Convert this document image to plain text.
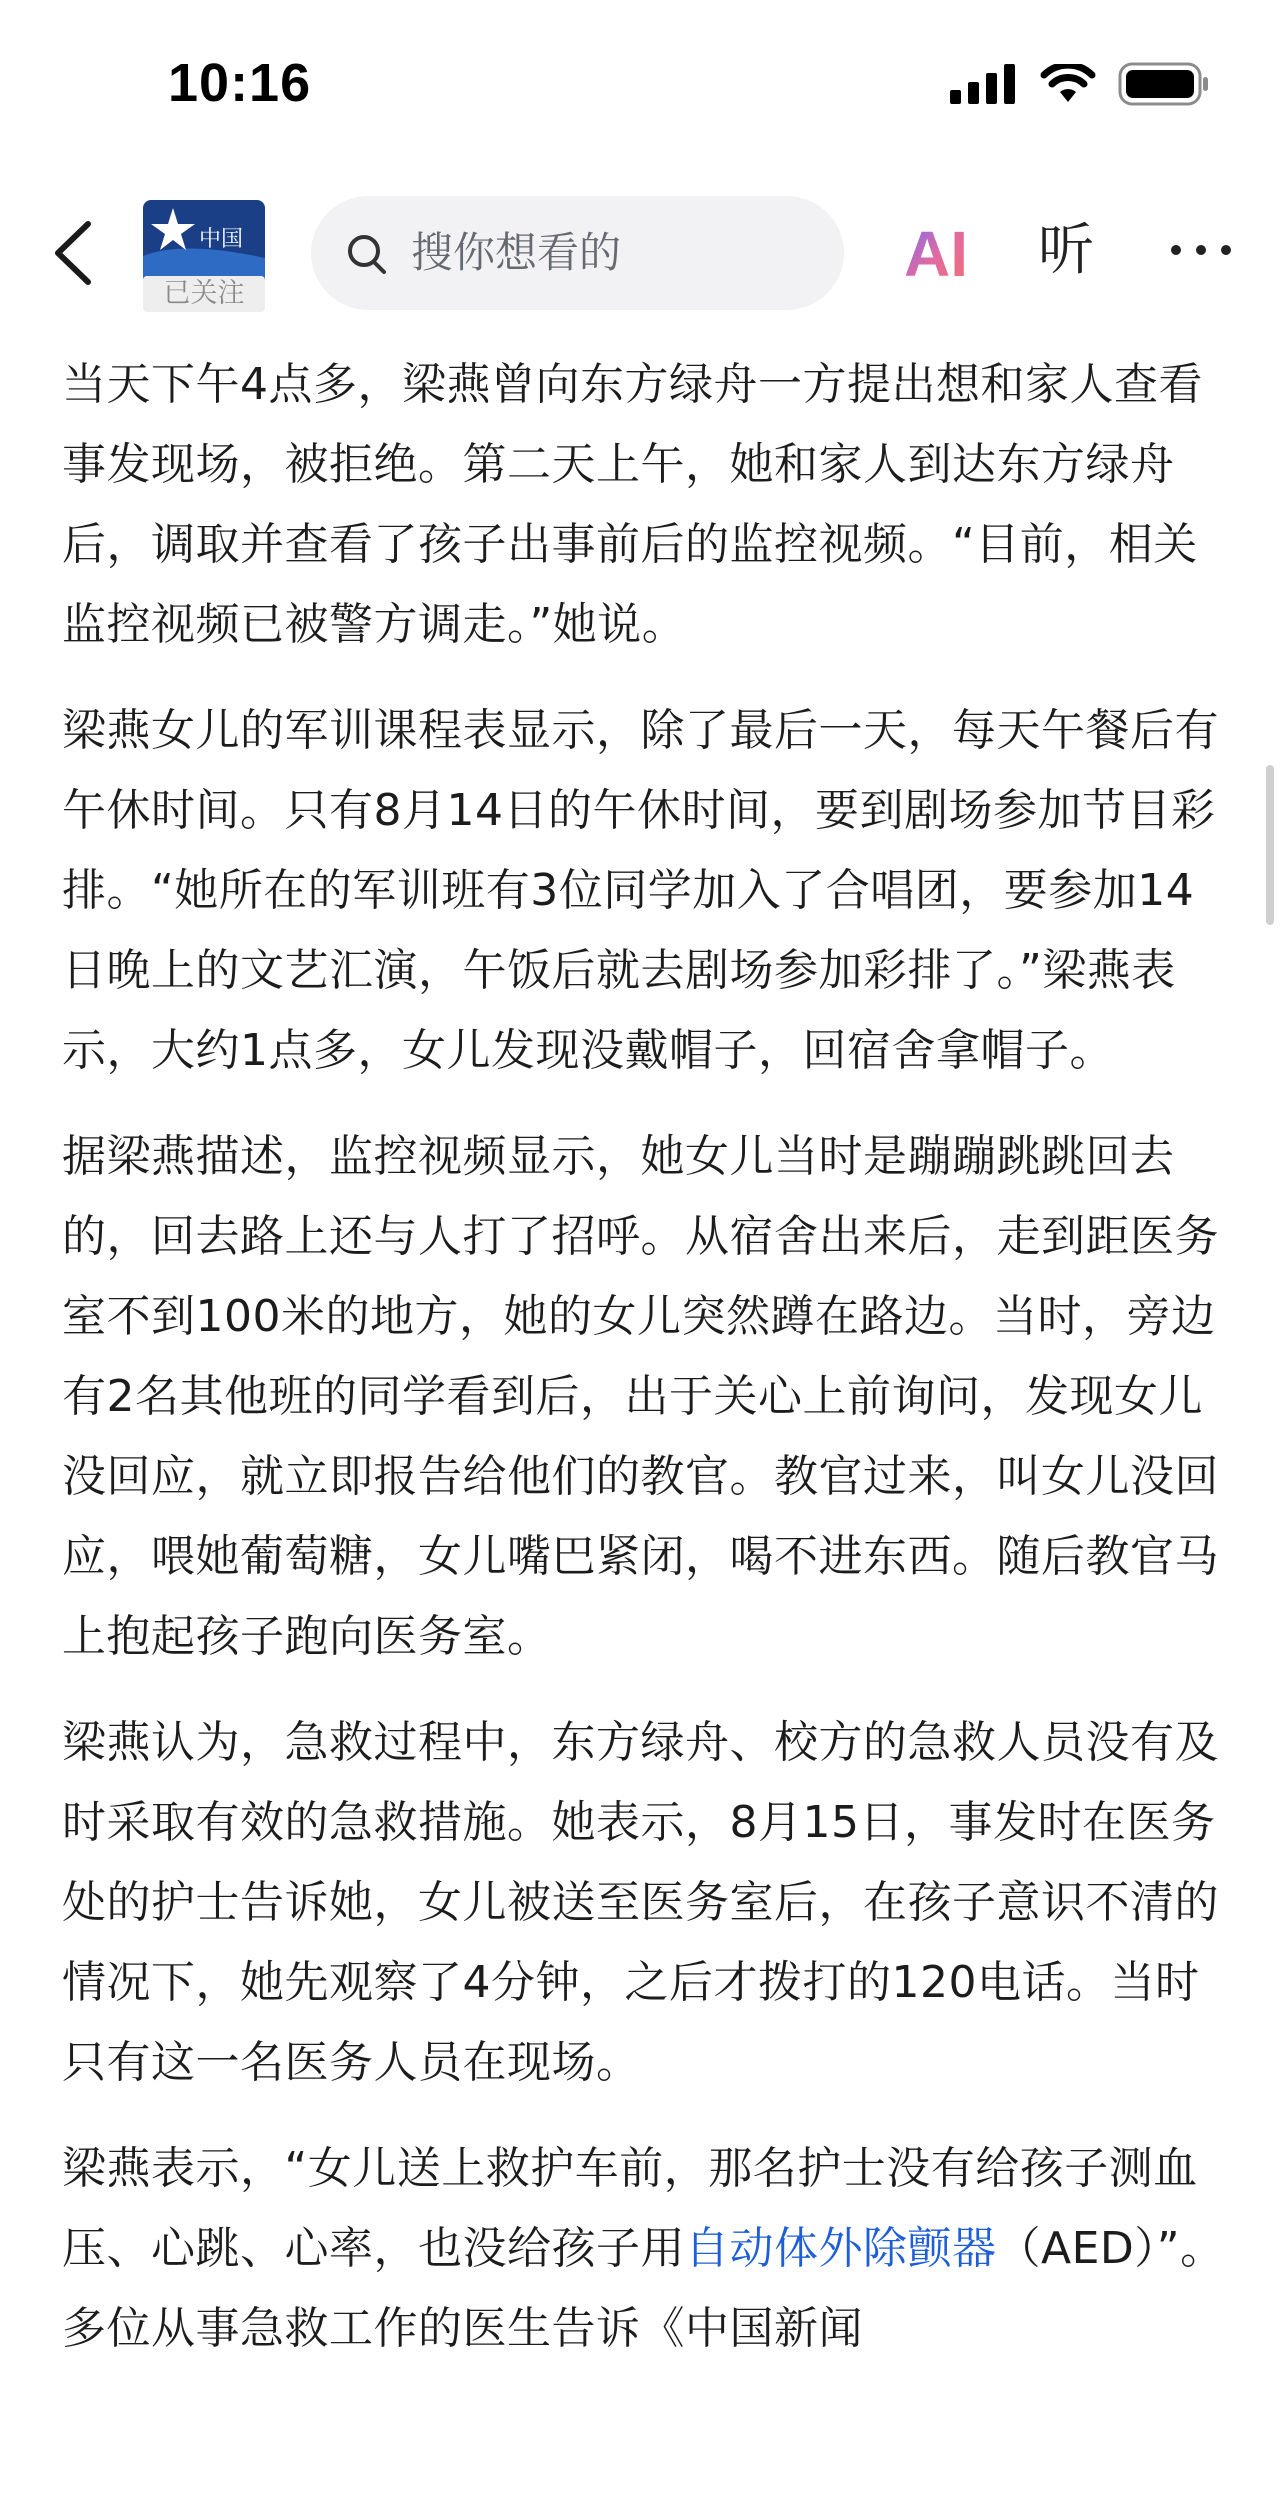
10:16
中国
已关注
搜你想看的	AI 听

当天下午4点多，梁燕曾向东方绿舟一方提出想和家人查看事发现场，被拒绝。第二天上午，她和家人到达东方绿舟后，调取并查看了孩子出事前后的监控视频。“目前，相关监控视频已被警方调走。”她说。

梁燕女儿的军训课程表显示，除了最后一天，每天午餐后有午休时间。只有8月14日的午休时间，要到剧场参加节目彩排。“她所在的军训班有3位同学加入了合唱团，要参加14日晚上的文艺汇演，午饭后就去剧场参加彩排了。”梁燕表示，大约1点多，女儿发现没戴帽子，回宿舍拿帽子。

据梁燕描述，监控视频显示，她女儿当时是蹦蹦跳跳回去的，回去路上还与人打了招呼。从宿舍出来后，走到距医务室不到100米的地方，她的女儿突然蹲在路边。当时，旁边有2名其他班的同学看到后，出于关心上前询问，发现女儿没回应，就立即报告给他们的教官。教官过来，叫女儿没回应，喂她葡萄糖，女儿嘴巴紧闭，喝不进东西。随后教官马上抱起孩子跑向医务室。

梁燕认为，急救过程中，东方绿舟、校方的急救人员没有及时采取有效的急救措施。她表示，8月15日，事发时在医务处的护士告诉她，女儿被送至医务室后，在孩子意识不清的情况下，她先观察了4分钟，之后才拨打的120电话。当时只有这一名医务人员在现场。

梁燕表示，“女儿送上救护车前，那名护士没有给孩子测血压、心跳、心率，也没给孩子用自动体外除颤器（AED）”。多位从事急救工作的医生告诉《中国新闻
